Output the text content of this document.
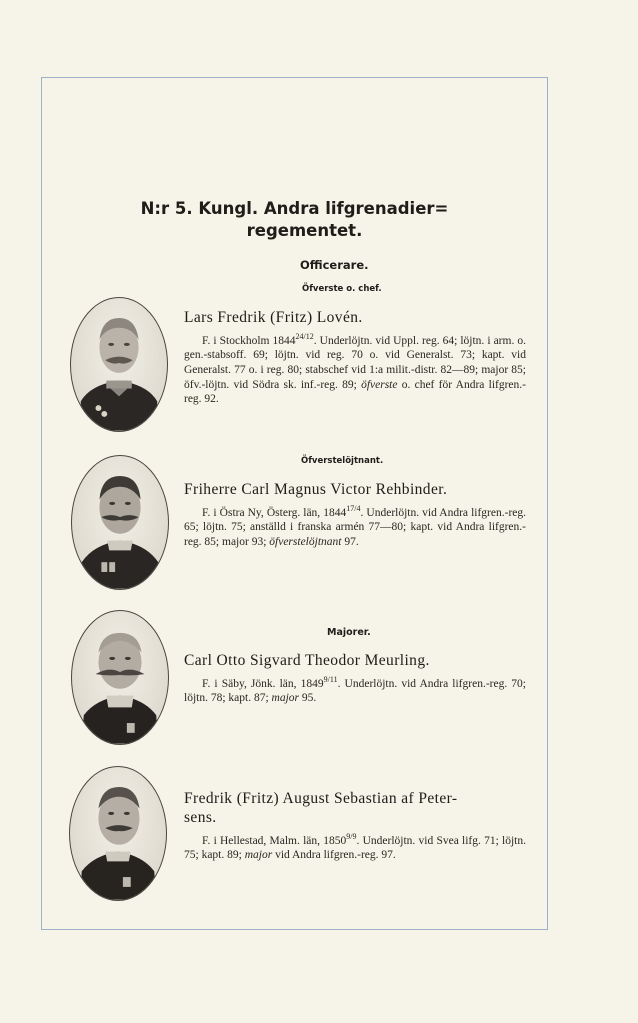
N:r 5. Kungl. Andra lifgrenadier=
regementet.
Officerare.
Öfverste o. chef.
Lars Fredrik (Fritz) Lovén.
F. i Stockholm $1844^{24/12}$. Underlöjtn. vid Uppl. reg. 64; löjtn. i arm. o. gen.-stabsoff. 69; löjtn. vid reg. 70 o. vid Generalst. 73; kapt. vid Generalst. 77 o. i reg. 80; stabschef vid 1:a milit.-distr. 82—89; major 85; öfv.-löjtn. vid Södra sk. inf.-reg. 89; öfverste o. chef för Andra lifgren.-reg. 92.
Öfverstelöjtnant.
Friherre Carl Magnus Victor Rehbinder.
F. i Östra Ny, Österg. län, $1844^{17/4}$. Underlöjtn. vid Andra lifgren.-reg. 65; löjtn. 75; anställd i franska armén 77—80; kapt. vid Andra lifgren.-reg. 85; major 93; öfverstelöjtnant 97.
Majorer.
Carl Otto Sigvard Theodor Meurling.
F. i Säby, Jönk. län, $1849^{9/11}$. Underlöjtn. vid Andra lifgren.-reg. 70; löjtn. 78; kapt. 87; major 95.
Fredrik (Fritz) August Sebastian af Peter-
sens.
F. i Hellestad, Malm. län, $1850^{9/9}$. Underlöjtn. vid Svea lifg. 71; löjtn. 75; kapt. 89; major vid Andra lifgren.-reg. 97.
